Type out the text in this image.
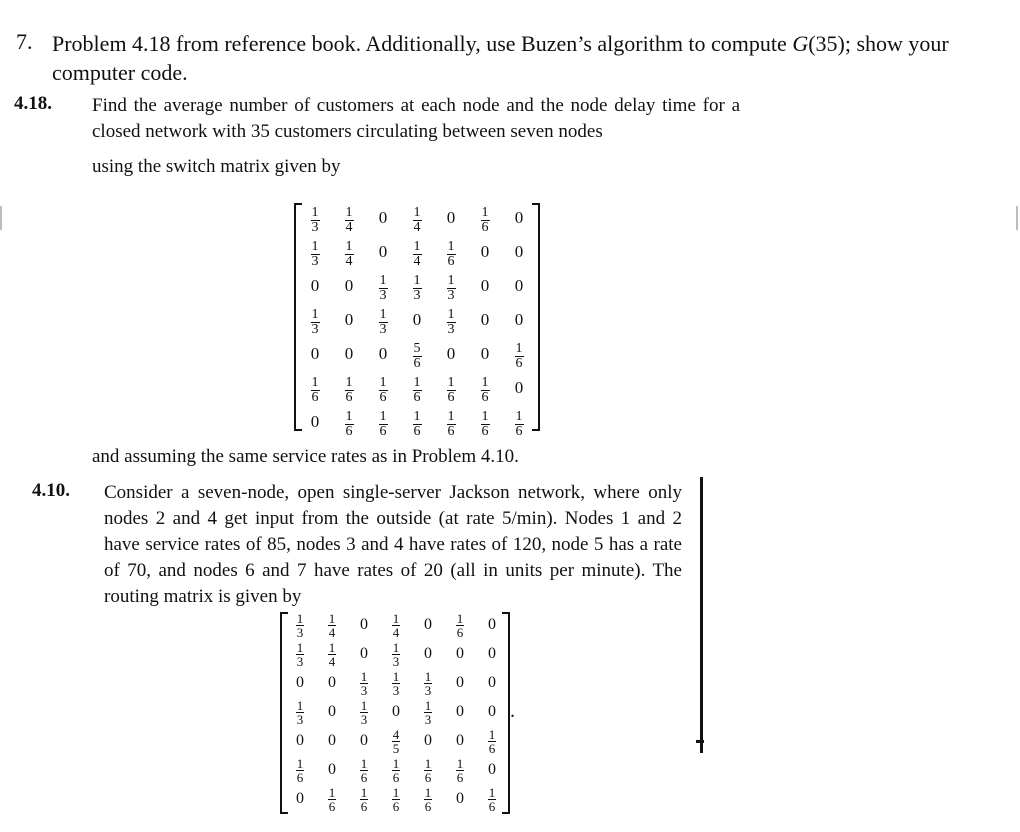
7. Problem 4.18 from reference book. Additionally, use Buzen’s algorithm to compute G(35); show your computer code.
4.18. Find the average number of customers at each node and the node delay time for a closed network with 35 customers circulating between seven nodes
using the switch matrix given by
$\frac{1}{3}$	$\frac{1}{4}$	0	$\frac{1}{4}$	0	$\frac{1}{6}$	0

$\frac{1}{3}$	$\frac{1}{4}$	0	$\frac{1}{4}$	$\frac{1}{6}$	0	0
0	0	$\frac{1}{3}$	$\frac{1}{3}$	$\frac{1}{3}$	0	0

$\frac{1}{3}$	0	$\frac{1}{3}$	0	$\frac{1}{3}$	0	0
0	0	0	$\frac{5}{6}$	0	0	$\frac{1}{6}$

$\frac{1}{6}$	$\frac{1}{6}$	$\frac{1}{6}$	$\frac{1}{6}$	$\frac{1}{6}$	$\frac{1}{6}$	0
0	$\frac{1}{6}$	$\frac{1}{6}$	$\frac{1}{6}$	$\frac{1}{6}$	$\frac{1}{6}$	$\frac{1}{6}$
and assuming the same service rates as in Problem 4.10.
4.10. Consider a seven-node, open single-server Jackson network, where only nodes 2 and 4 get input from the outside (at rate 5/min). Nodes 1 and 2 have service rates of 85, nodes 3 and 4 have rates of 120, node 5 has a rate of 70, and nodes 6 and 7 have rates of 20 (all in units per minute). The routing matrix is given by
$\frac{1}{3}$	$\frac{1}{4}$	0	$\frac{1}{4}$	0	$\frac{1}{6}$	0

$\frac{1}{3}$	$\frac{1}{4}$	0	$\frac{1}{3}$	0	0	0
0	0	$\frac{1}{3}$	$\frac{1}{3}$	$\frac{1}{3}$	0	0

$\frac{1}{3}$	0	$\frac{1}{3}$	0	$\frac{1}{3}$	0	0
0	0	0	$\frac{4}{5}$	0	0	$\frac{1}{6}$

$\frac{1}{6}$	0	$\frac{1}{6}$	$\frac{1}{6}$	$\frac{1}{6}$	$\frac{1}{6}$	0
0	$\frac{1}{6}$	$\frac{1}{6}$	$\frac{1}{6}$	$\frac{1}{6}$	0	$\frac{1}{6}$
.
